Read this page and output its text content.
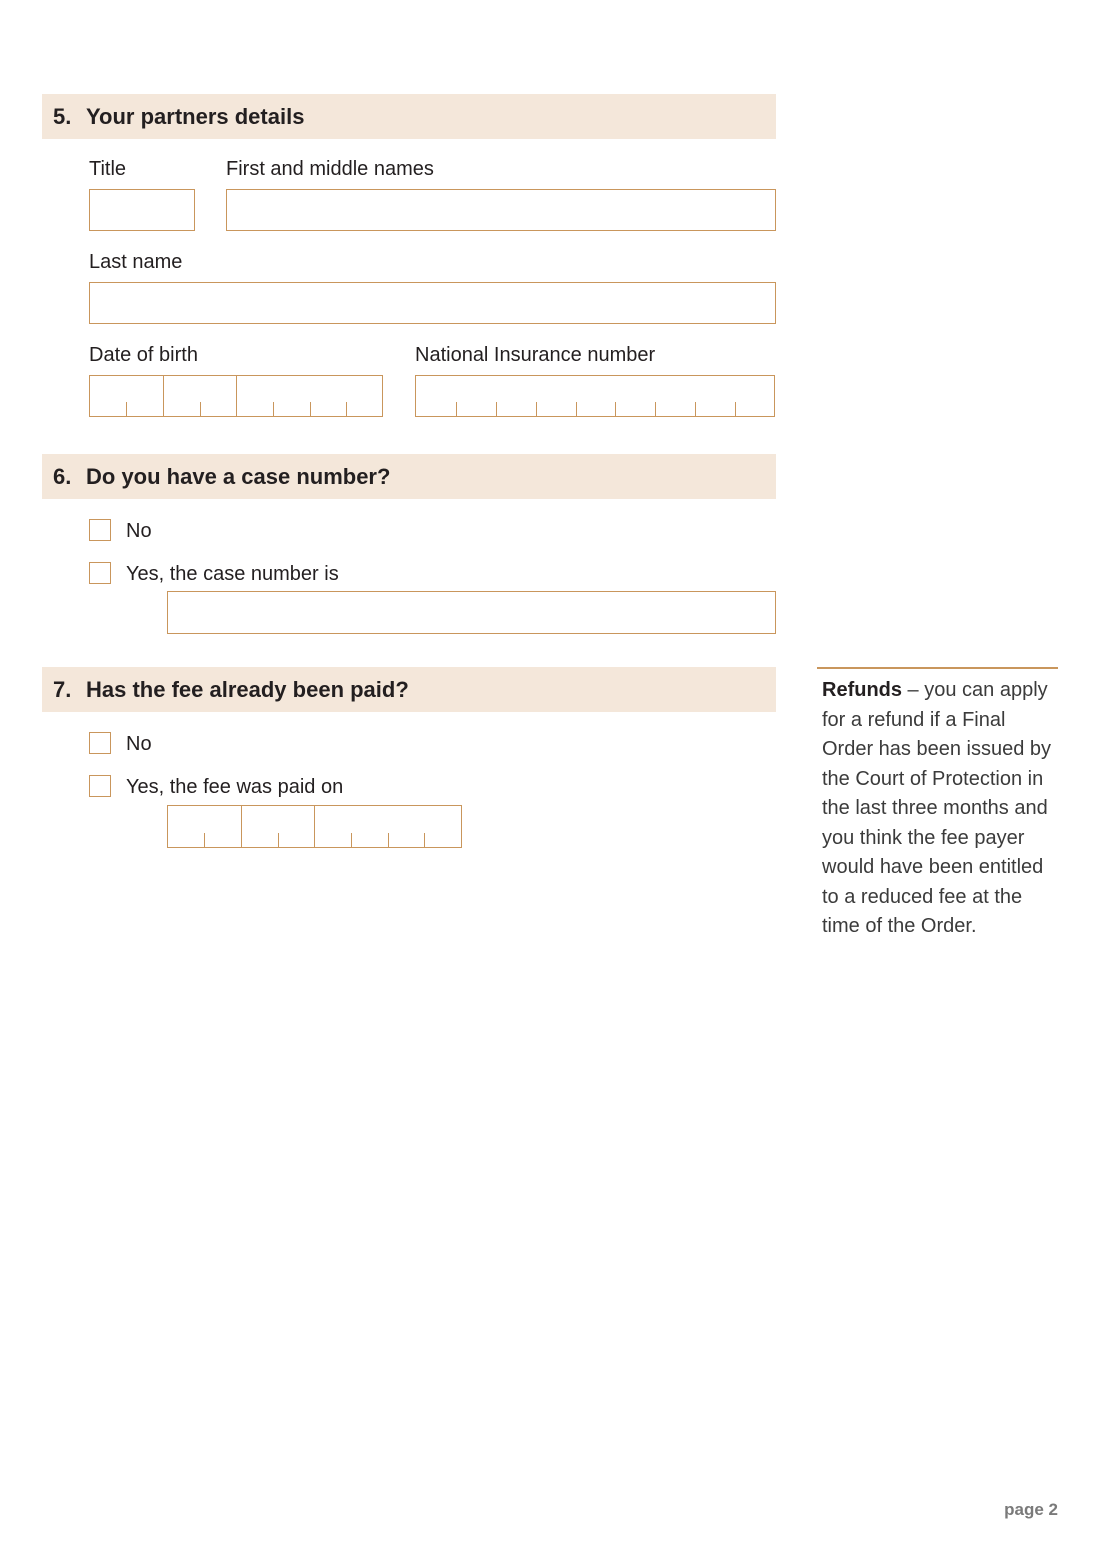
5. Your partners details
Title	First and middle names
Last name
Date of birth	National Insurance number
6. Do you have a case number?
No
Yes, the case number is
7. Has the fee already been paid?
No
Yes, the fee was paid on
Refunds – you can apply for a refund if a Final Order has been issued by the Court of Protection in the last three months and you think the fee payer would have been entitled to a reduced fee at the time of the Order.
page 2
